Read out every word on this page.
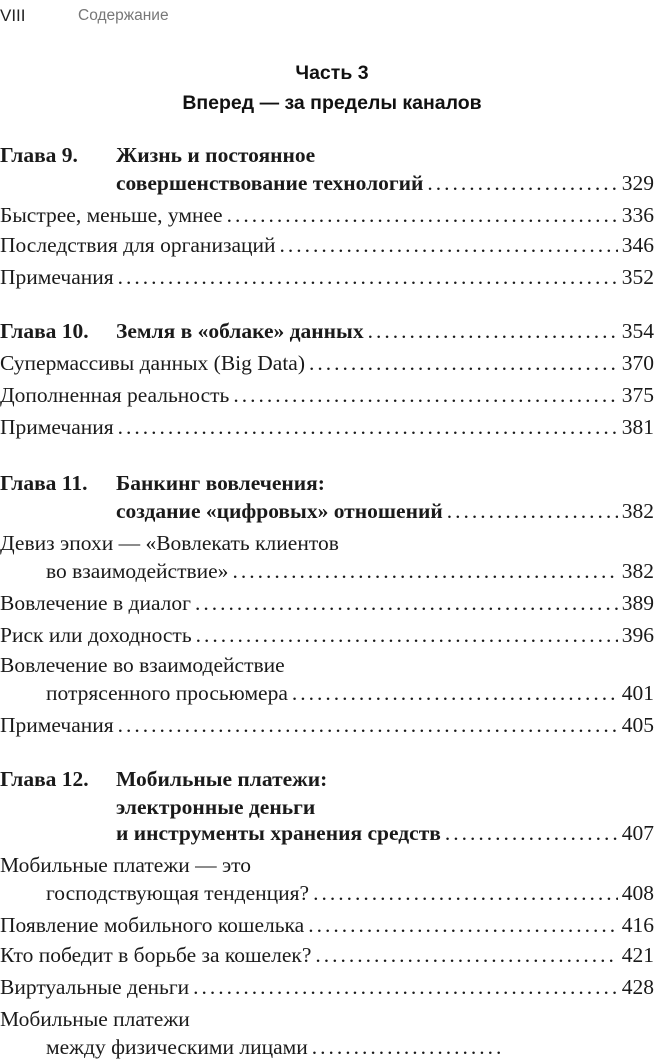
VIII	Содержание
Часть 3
Вперед — за пределы каналов
Глава 9. Жизнь и постоянное
совершенствование технологий .....	329
Быстрее, меньше, умнее .....	336
Последствия для организаций .....	346
Примечания .....	352
Глава 10. Земля в «облаке» данных .....	354
Супермассивы данных (Big Data) .....	370
Дополненная реальность .....	375
Примечания .....	381
Глава 11. Банкинг вовлечения:
создание «цифровых» отношений .....	382
Девиз эпохи — «Вовлекать клиентов
во взаимодействие» .....	382
Вовлечение в диалог .....	389
Риск или доходность .....	396
Вовлечение во взаимодействие
потрясенного просьюмера .....	401
Примечания .....	405
Глава 12. Мобильные платежи:
электронные деньги
и инструменты хранения средств .....	407
Мобильные платежи — это
господствующая тенденция? .....	408
Появление мобильного кошелька .....	416
Кто победит в борьбе за кошелек? .....	421
Виртуальные деньги .....	428
Мобильные платежи
между физическими лицами
.....
